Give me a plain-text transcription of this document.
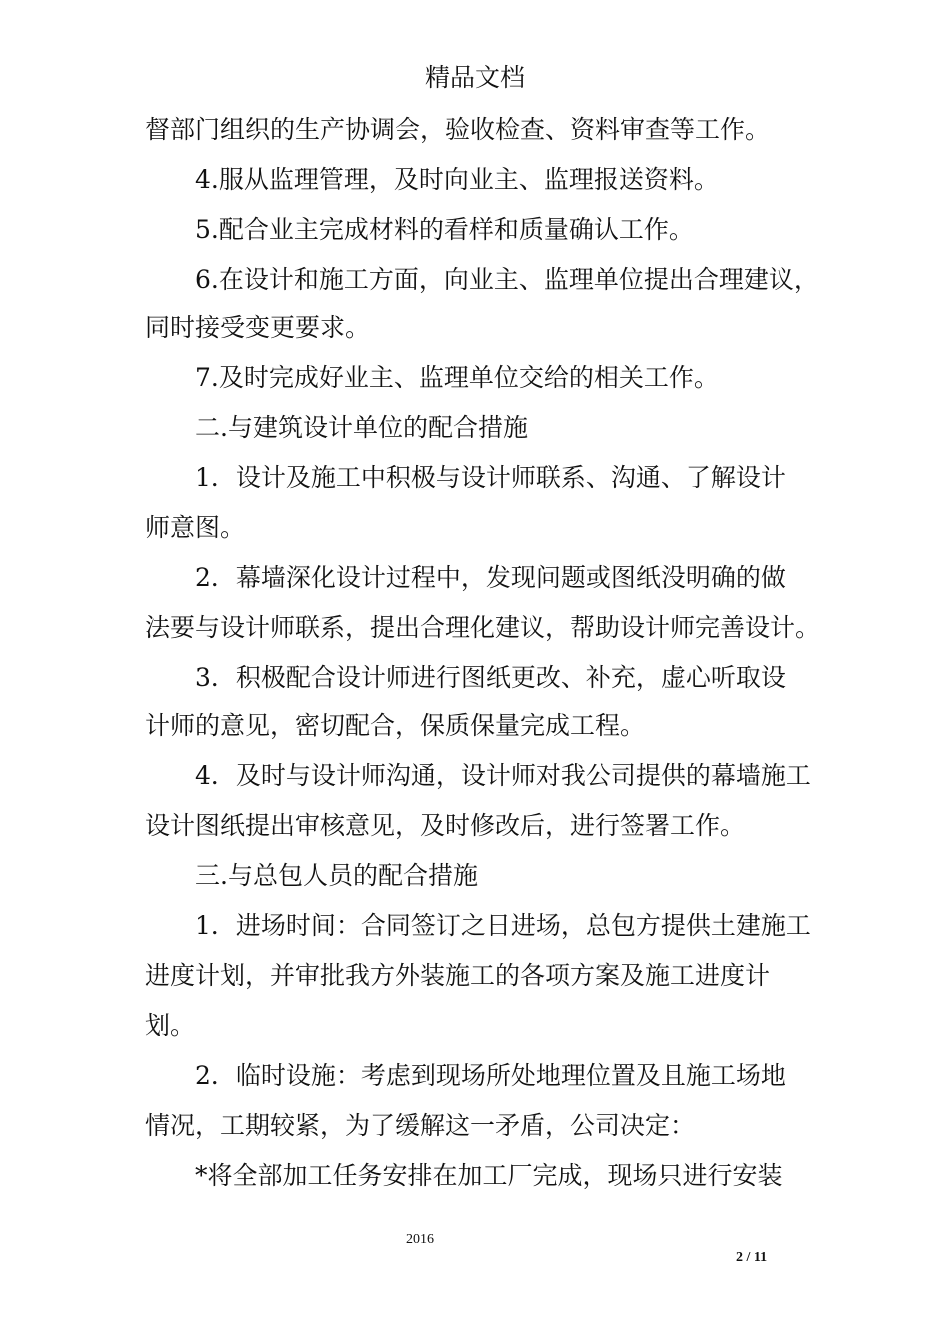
精品文档
督部门组织的生产协调会，验收检查、资料审查等工作。
4.服从监理管理，及时向业主、监理报送资料。
5.配合业主完成材料的看样和质量确认工作。
6.在设计和施工方面，向业主、监理单位提出合理建议，
同时接受变更要求。
7.及时完成好业主、监理单位交给的相关工作。
二.与建筑设计单位的配合措施
1．设计及施工中积极与设计师联系、沟通、了解设计
师意图。
2．幕墙深化设计过程中，发现问题或图纸没明确的做
法要与设计师联系，提出合理化建议，帮助设计师完善设计。
3．积极配合设计师进行图纸更改、补充，虚心听取设
计师的意见，密切配合，保质保量完成工程。
4．及时与设计师沟通，设计师对我公司提供的幕墙施工
设计图纸提出审核意见，及时修改后，进行签署工作。
三.与总包人员的配合措施
1．进场时间：合同签订之日进场，总包方提供土建施工
进度计划，并审批我方外装施工的各项方案及施工进度计
划。
2．临时设施：考虑到现场所处地理位置及且施工场地
情况，工期较紧，为了缓解这一矛盾，公司决定：
*将全部加工任务安排在加工厂完成，现场只进行安装
2016
2 / 11
